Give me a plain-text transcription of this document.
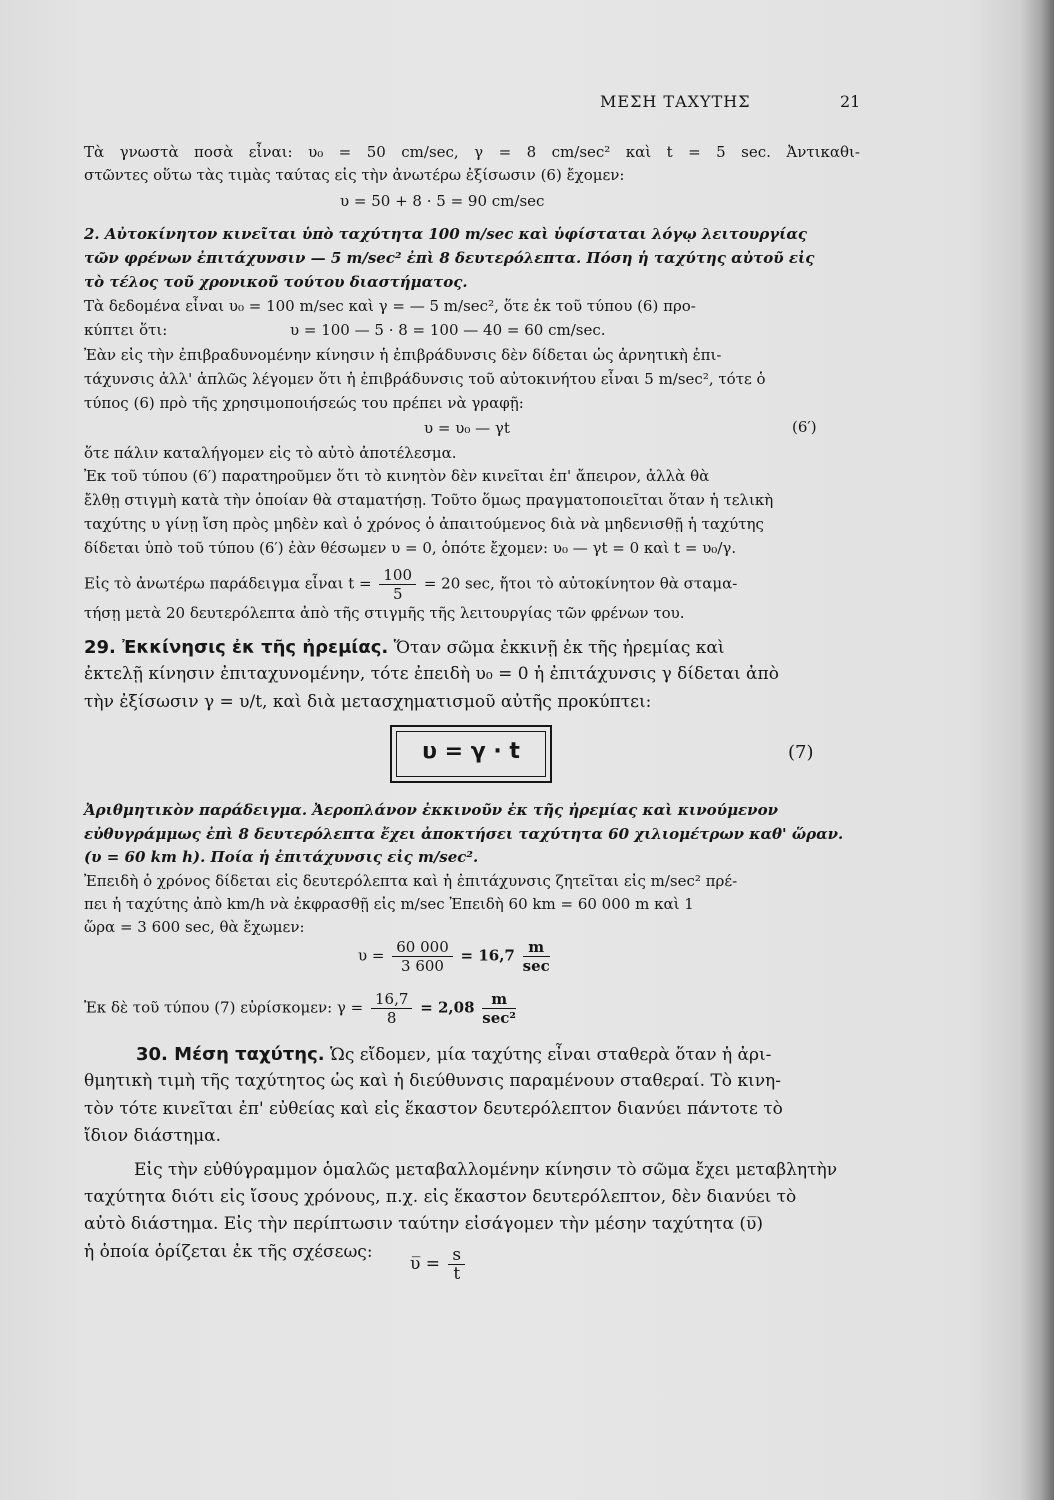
ΜΕΣΗ ΤΑΧΥΤΗΣ	21
Τὰ γνωστὰ ποσὰ εἶναι: υ₀ = 50 cm/sec, γ = 8 cm/sec² καὶ t = 5 sec. Ἀντικαθι-
στῶντες οὕτω τὰς τιμὰς ταύτας εἰς τὴν ἀνωτέρω ἐξίσωσιν (6) ἔχομεν:
υ = 50 + 8 · 5 = 90 cm/sec
2. Αὐτοκίνητον κινεῖται ὑπὸ ταχύτητα 100 m/sec καὶ ὑφίσταται λόγῳ λειτουργίας
τῶν φρένων ἐπιτάχυνσιν — 5 m/sec² ἐπὶ 8 δευτερόλεπτα. Πόση ἡ ταχύτης αὐτοῦ εἰς
τὸ τέλος τοῦ χρονικοῦ τούτου διαστήματος.
Τὰ δεδομένα εἶναι υ₀ = 100 m/sec καὶ γ = — 5 m/sec², ὅτε ἐκ τοῦ τύπου (6) προ-
κύπτει ὅτι:	υ = 100 — 5 · 8 = 100 — 40 = 60 cm/sec.
Ἐὰν εἰς τὴν ἐπιβραδυνομένην κίνησιν ἡ ἐπιβράδυνσις δὲν δίδεται ὡς ἀρνητικὴ ἐπι-
τάχυνσις ἀλλ' ἁπλῶς λέγομεν ὅτι ἡ ἐπιβράδυνσις τοῦ αὐτοκινήτου εἶναι 5 m/sec², τότε ὁ
τύπος (6) πρὸ τῆς χρησιμοποιήσεώς του πρέπει νὰ γραφῇ:
υ = υ₀ — γt	(6′)
ὅτε πάλιν καταλήγομεν εἰς τὸ αὐτὸ ἀποτέλεσμα.
Ἐκ τοῦ τύπου (6′) παρατηροῦμεν ὅτι τὸ κινητὸν δὲν κινεῖται ἐπ' ἄπειρον, ἀλλὰ θὰ
ἔλθῃ στιγμὴ κατὰ τὴν ὁποίαν θὰ σταματήσῃ. Τοῦτο ὅμως πραγματοποιεῖται ὅταν ἡ τελικὴ
ταχύτης υ γίνῃ ἴση πρὸς μηδὲν καὶ ὁ χρόνος ὁ ἀπαιτούμενος διὰ νὰ μηδενισθῇ ἡ ταχύτης
δίδεται ὑπὸ τοῦ τύπου (6′) ἐὰν θέσωμεν υ = 0, ὁπότε ἔχομεν: υ₀ — γt = 0 καὶ t = υ₀/γ.
Εἰς τὸ ἀνωτέρω παράδειγμα εἶναι $t = \frac{100}{5} = 20$ sec, ἤτοι τὸ αὐτοκίνητον θὰ σταμα-
τήσῃ μετὰ 20 δευτερόλεπτα ἀπὸ τῆς στιγμῆς τῆς λειτουργίας τῶν φρένων του.
29. Ἐκκίνησις ἐκ τῆς ἠρεμίας. Ὅταν σῶμα ἐκκινῇ ἐκ τῆς ἠρεμίας καὶ
ἐκτελῇ κίνησιν ἐπιταχυνομένην, τότε ἐπειδὴ υ₀ = 0 ἡ ἐπιτάχυνσις γ δίδεται ἀπὸ
τὴν ἐξίσωσιν γ = υ/t, καὶ διὰ μετασχηματισμοῦ αὐτῆς προκύπτει:
υ = γ · t	(7)
Ἀριθμητικὸν παράδειγμα. Ἀεροπλάνον ἐκκινοῦν ἐκ τῆς ἠρεμίας καὶ κινούμενον
εὐθυγράμμως ἐπὶ 8 δευτερόλεπτα ἔχει ἀποκτήσει ταχύτητα 60 χιλιομέτρων καθ' ὥραν.
(υ = 60 km h). Ποία ἡ ἐπιτάχυνσις εἰς m/sec².
Ἐπειδὴ ὁ χρόνος δίδεται εἰς δευτερόλεπτα καὶ ἡ ἐπιτάχυνσις ζητεῖται εἰς m/sec² πρέ-
πει ἡ ταχύτης ἀπὸ km/h νὰ ἐκφρασθῇ εἰς m/sec Ἐπειδὴ 60 km = 60 000 m καὶ 1
ὥρα = 3 600 sec, θὰ ἔχωμεν:
$\upsilon = \frac{60 000}{3 600} = 16,7 \frac{m}{\sec}$
Ἐκ δὲ τοῦ τύπου (7) εὑρίσκομεν: $\gamma = \frac{16,7}{8} = 2,08 \frac{m}{\text{sec²}}$
30. Μέση ταχύτης. Ὡς εἴδομεν, μία ταχύτης εἶναι σταθερὰ ὅταν ἡ ἀρι-
θμητικὴ τιμὴ τῆς ταχύτητος ὡς καὶ ἡ διεύθυνσις παραμένουν σταθεραί. Τὸ κινη-
τὸν τότε κινεῖται ἐπ' εὐθείας καὶ εἰς ἕκαστον δευτερόλεπτον διανύει πάντοτε τὸ
ἴδιον διάστημα.
Εἰς τὴν εὐθύγραμμον ὁμαλῶς μεταβαλλομένην κίνησιν τὸ σῶμα ἔχει μεταβλητὴν
ταχύτητα διότι εἰς ἴσους χρόνους, π.χ. εἰς ἕκαστον δευτερόλεπτον, δὲν διανύει τὸ
αὐτὸ διάστημα. Εἰς τὴν περίπτωσιν ταύτην εἰσάγομεν τὴν μέσην ταχύτητα (υ̅)
ἡ ὁποία ὁρίζεται ἐκ τῆς σχέσεως:
υ̅ = $\frac{s}{t}$
